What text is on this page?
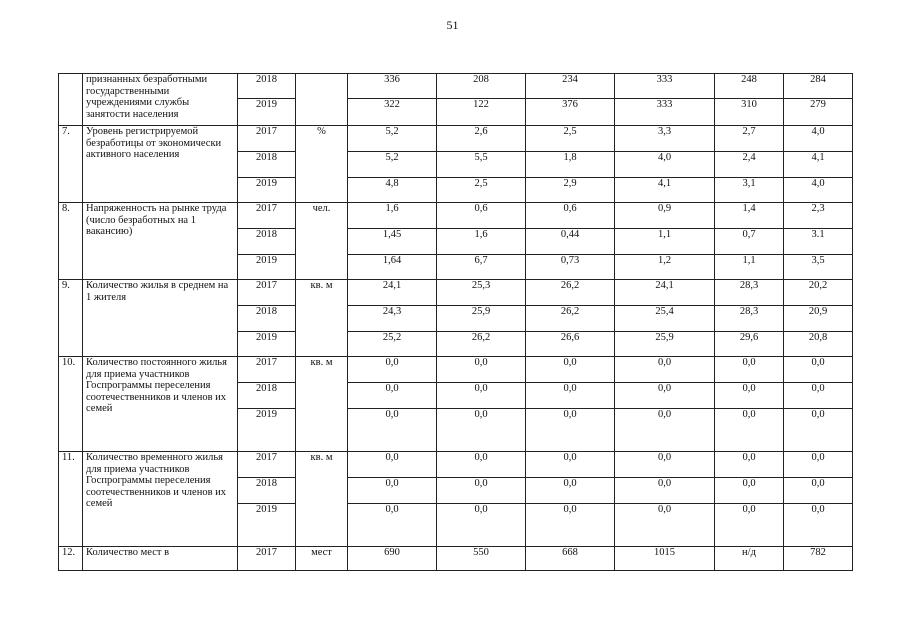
51
	признанных безработными государственными учреждениями службы занятости населения	2018		336	208	234	333	248	284
		2019		322	122	376	333	310	279
7.	Уровень регистрируемой безработицы от экономически активного населения	2017	%	5,2	2,6	2,5	3,3	2,7	4,0
		2018		5,2	5,5	1,8	4,0	2,4	4,1
		2019		4,8	2,5	2,9	4,1	3,1	4,0
8.	Напряженность на рынке труда (число безработных на 1 вакансию)	2017	чел.	1,6	0,6	0,6	0,9	1,4	2,3
		2018		1,45	1,6	0,44	1,1	0,7	3.1
		2019		1,64	6,7	0,73	1,2	1,1	3,5
9.	Количество жилья в среднем на 1 жителя	2017	кв. м	24,1	25,3	26,2	24,1	28,3	20,2
		2018		24,3	25,9	26,2	25,4	28,3	20,9
		2019		25,2	26,2	26,6	25,9	29,6	20,8
10.	Количество постоянного жилья для приема участников Госпрограммы переселения соотечественников и членов их семей	2017	кв. м	0,0	0,0	0,0	0,0	0,0	0,0
		2018		0,0	0,0	0,0	0,0	0,0	0,0
		2019		0,0	0,0	0,0	0,0	0,0	0,0
11.	Количество временного жилья для приема участников Госпрограммы переселения соотечественников и членов их семей	2017	кв. м	0,0	0,0	0,0	0,0	0,0	0,0
		2018		0,0	0,0	0,0	0,0	0,0	0,0
		2019		0,0	0,0	0,0	0,0	0,0	0,0
12.	Количество мест в	2017	мест	690	550	668	1015	н/д	782
